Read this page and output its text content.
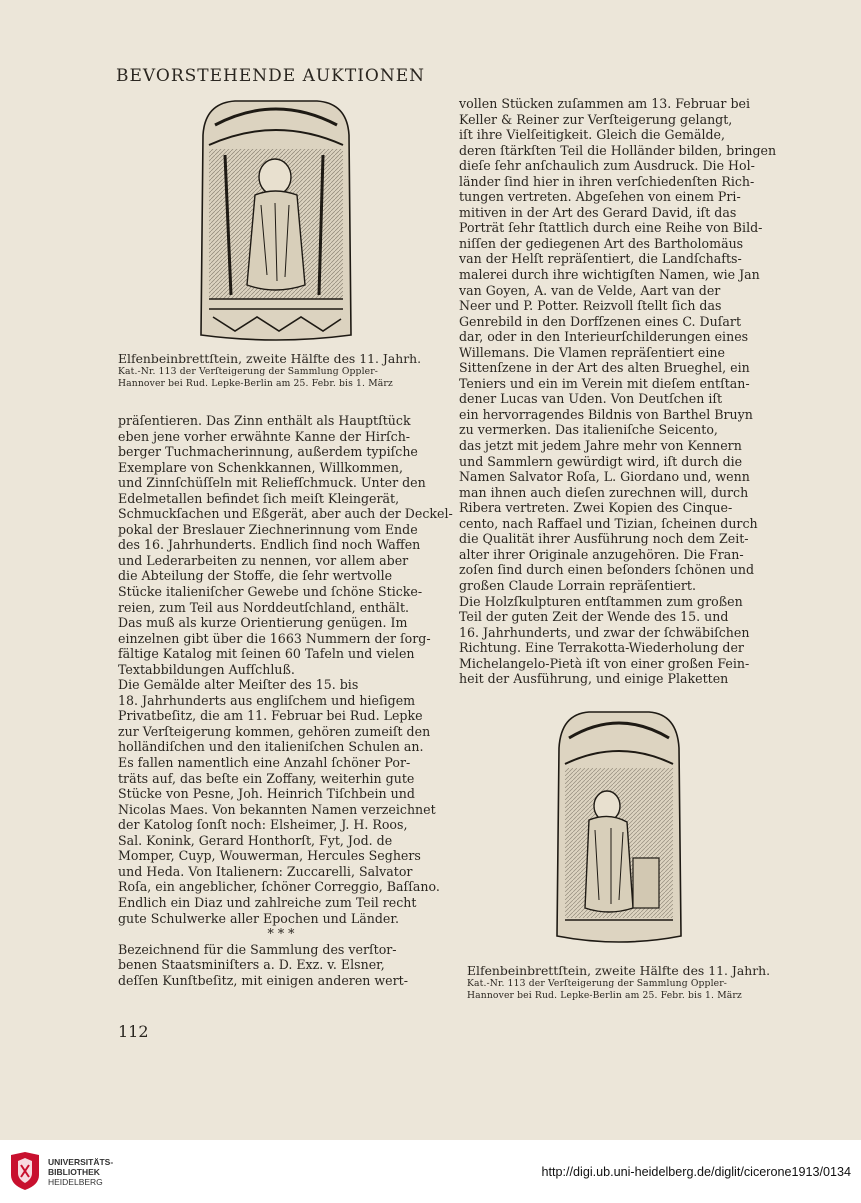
BEVORSTEHENDE AUKTIONEN
Elfenbeinbrettſtein, zweite Hälfte des 11. Jahrh.
Kat.-Nr. 113 der Verſteigerung der Sammlung Oppler-
Hannover bei Rud. Lepke-Berlin am 25. Febr. bis 1. März
präſentieren. Das Zinn enthält als Hauptſtück
eben jene vorher erwähnte Kanne der Hirſch-
berger Tuchmacherinnung, außerdem typiſche
Exemplare von Schenkkannen, Willkommen,
und Zinnſchüſſeln mit Reliefſchmuck. Unter den
Edelmetallen befindet ſich meiſt Kleingerät,
Schmuckſachen und Eßgerät, aber auch der Deckel-
pokal der Breslauer Ziechnerinnung vom Ende
des 16. Jahrhunderts. Endlich ſind noch Waffen
und Lederarbeiten zu nennen, vor allem aber
die Abteilung der Stoffe, die ſehr wertvolle
Stücke italieniſcher Gewebe und ſchöne Sticke-
reien, zum Teil aus Norddeutſchland, enthält.
Das muß als kurze Orientierung genügen. Im
einzelnen gibt über die 1663 Nummern der ſorg-
fältige Katalog mit ſeinen 60 Tafeln und vielen
Textabbildungen Aufſchluß.
Die Gemälde alter Meiſter des 15. bis
18. Jahrhunderts aus engliſchem und hieſigem
Privatbeſitz, die am 11. Februar bei Rud. Lepke
zur Verſteigerung kommen, gehören zumeiſt den
holländiſchen und den italieniſchen Schulen an.
Es fallen namentlich eine Anzahl ſchöner Por-
träts auf, das beſte ein Zoffany, weiterhin gute
Stücke von Pesne, Joh. Heinrich Tiſchbein und
Nicolas Maes. Von bekannten Namen verzeichnet
der Katolog ſonſt noch: Elsheimer, J. H. Roos,
Sal. Konink, Gerard Honthorſt, Fyt, Jod. de
Momper, Cuyp, Wouwerman, Hercules Seghers
und Heda. Von Italienern: Zuccarelli, Salvator
Roſa, ein angeblicher, ſchöner Correggio, Baſſano.
Endlich ein Diaz und zahlreiche zum Teil recht
gute Schulwerke aller Epochen und Länder.
* * *
Bezeichnend für die Sammlung des verſtor-
benen Staatsminiſters a. D. Exz. v. Elsner,
deſſen Kunſtbeſitz, mit einigen anderen wert-
vollen Stücken zuſammen am 13. Februar bei
Keller & Reiner zur Verſteigerung gelangt,
iſt ihre Vielſeitigkeit. Gleich die Gemälde,
deren ſtärkſten Teil die Holländer bilden, bringen
dieſe ſehr anſchaulich zum Ausdruck. Die Hol-
länder ſind hier in ihren verſchiedenſten Rich-
tungen vertreten. Abgeſehen von einem Pri-
mitiven in der Art des Gerard David, iſt das
Porträt ſehr ſtattlich durch eine Reihe von Bild-
niſſen der gediegenen Art des Bartholomäus
van der Helſt repräſentiert, die Landſchafts-
malerei durch ihre wichtigſten Namen, wie Jan
van Goyen, A. van de Velde, Aart van der
Neer und P. Potter. Reizvoll ſtellt ſich das
Genrebild in den Dorfſzenen eines C. Duſart
dar, oder in den Interieurſchilderungen eines
Willemans. Die Vlamen repräſentiert eine
Sittenſzene in der Art des alten Brueghel, ein
Teniers und ein im Verein mit dieſem entſtan-
dener Lucas van Uden. Von Deutſchen iſt
ein hervorragendes Bildnis von Barthel Bruyn
zu vermerken. Das italieniſche Seicento,
das jetzt mit jedem Jahre mehr von Kennern
und Sammlern gewürdigt wird, iſt durch die
Namen Salvator Roſa, L. Giordano und, wenn
man ihnen auch dieſen zurechnen will, durch
Ribera vertreten. Zwei Kopien des Cinque-
cento, nach Raffael und Tizian, ſcheinen durch
die Qualität ihrer Ausführung noch dem Zeit-
alter ihrer Originale anzugehören. Die Fran-
zoſen ſind durch einen beſonders ſchönen und
großen Claude Lorrain repräſentiert.
Die Holzſkulpturen entſtammen zum großen
Teil der guten Zeit der Wende des 15. und
16. Jahrhunderts, und zwar der ſchwäbiſchen
Richtung. Eine Terrakotta-Wiederholung der
Michelangelo-Pietà iſt von einer großen Fein-
heit der Ausführung, und einige Plaketten
Elfenbeinbrettſtein, zweite Hälfte des 11. Jahrh.
Kat.-Nr. 113 der Verſteigerung der Sammlung Oppler-
Hannover bei Rud. Lepke-Berlin am 25. Febr. bis 1. März
112
UNIVERSITÄTS-
BIBLIOTHEK
HEIDELBERG
http://digi.ub.uni-heidelberg.de/diglit/cicerone1913/0134
